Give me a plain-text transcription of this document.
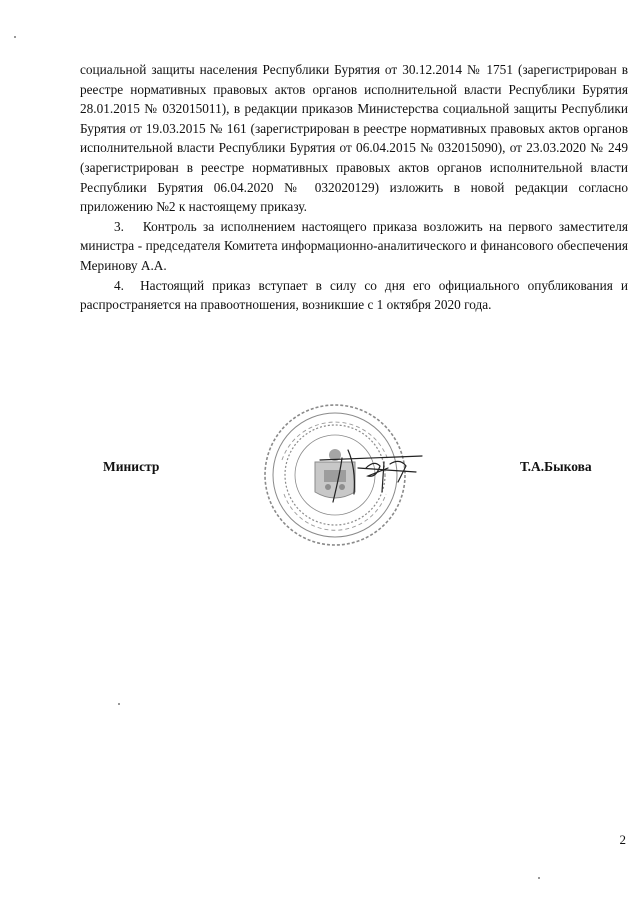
социальной защиты населения Республики Бурятия от 30.12.2014 № 1751 (зарегистрирован в реестре нормативных правовых актов органов исполнительной власти Республики Бурятия 28.01.2015 № 032015011), в редакции приказов Министерства социальной защиты Республики Бурятия от 19.03.2015 № 161 (зарегистрирован в реестре нормативных правовых актов органов исполнительной власти Республики Бурятия от 06.04.2015 № 032015090), от 23.03.2020 № 249 (зарегистрирован в реестре нормативных правовых актов органов исполнительной власти Республики Бурятия 06.04.2020 № 032020129) изложить в новой редакции согласно приложению №2 к настоящему приказу.

3.   Контроль за исполнением настоящего приказа возложить на первого заместителя министра - председателя Комитета информационно-аналитического и финансового обеспечения Меринову А.А.

4.  Настоящий приказ вступает в силу со дня его официального опубликования и распространяется на правоотношения, возникшие с 1 октября 2020 года.

Министр	Т.А.Быкова
2
